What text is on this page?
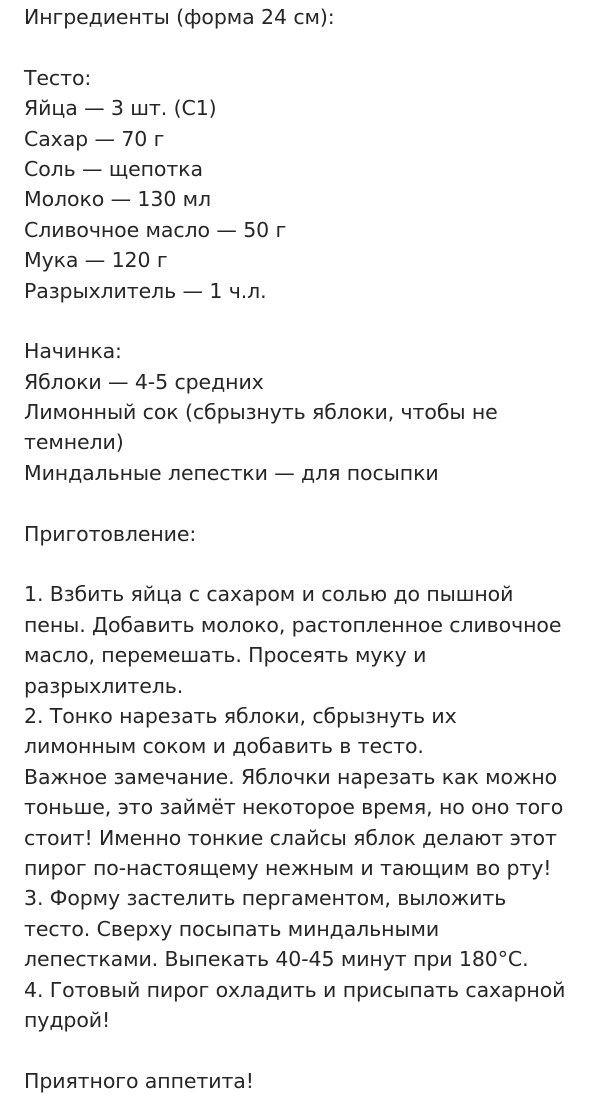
Ингредиенты (форма 24 см):
Тесто:
Яйца — 3 шт. (С1)
Сахар — 70 г
Соль — щепотка
Молоко — 130 мл
Сливочное масло — 50 г
Мука — 120 г
Разрыхлитель — 1 ч.л.
Начинка:
Яблоки — 4-5 средних
Лимонный сок (сбрызнуть яблоки, чтобы не
темнели)
Миндальные лепестки — для посыпки
Приготовление:
1. Взбить яйца с сахаром и солью до пышной
пены. Добавить молоко, растопленное сливочное
масло, перемешать. Просеять муку и
разрыхлитель.
2. Тонко нарезать яблоки, сбрызнуть их
лимонным соком и добавить в тесто.
Важное замечание. Яблочки нарезать как можно
тоньше, это займёт некоторое время, но оно того
стоит! Именно тонкие слайсы яблок делают этот
пирог по-настоящему нежным и тающим во рту!
3. Форму застелить пергаментом, выложить
тесто. Сверху посыпать миндальными
лепестками. Выпекать 40-45 минут при 180°С.
4. Готовый пирог охладить и присыпать сахарной
пудрой!
Приятного аппетита!
